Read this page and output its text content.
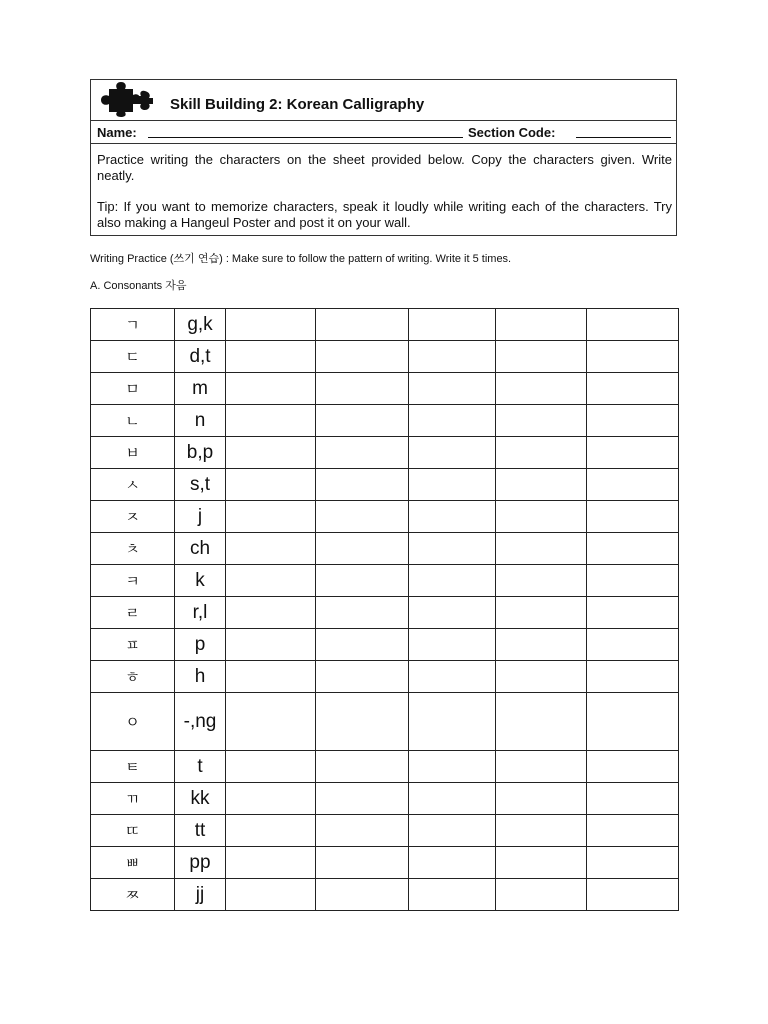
Skill Building 2: Korean Calligraphy
Name:	Section Code:
Practice writing the characters on the sheet provided below. Copy the characters given. Write neatly.
Tip: If you want to memorize characters, speak it loudly while writing each of the characters. Try also making a Hangeul Poster and post it on your wall.
Writing Practice (쓰기 연습) : Make sure to follow the pattern of writing. Write it 5 times.
A. Consonants 자음
ㄱ	g,k					
ㄷ	d,t					
ㅁ	m					
ㄴ	n					
ㅂ	b,p					
ㅅ	s,t					
ㅈ	j					
ㅊ	ch					
ㅋ	k					
ㄹ	r,l					
ㅍ	p					
ㅎ	h					
ㅇ	-,ng					
ㅌ	t					
ㄲ	kk					
ㄸ	tt					
ㅃ	pp					
ㅉ	jj					
